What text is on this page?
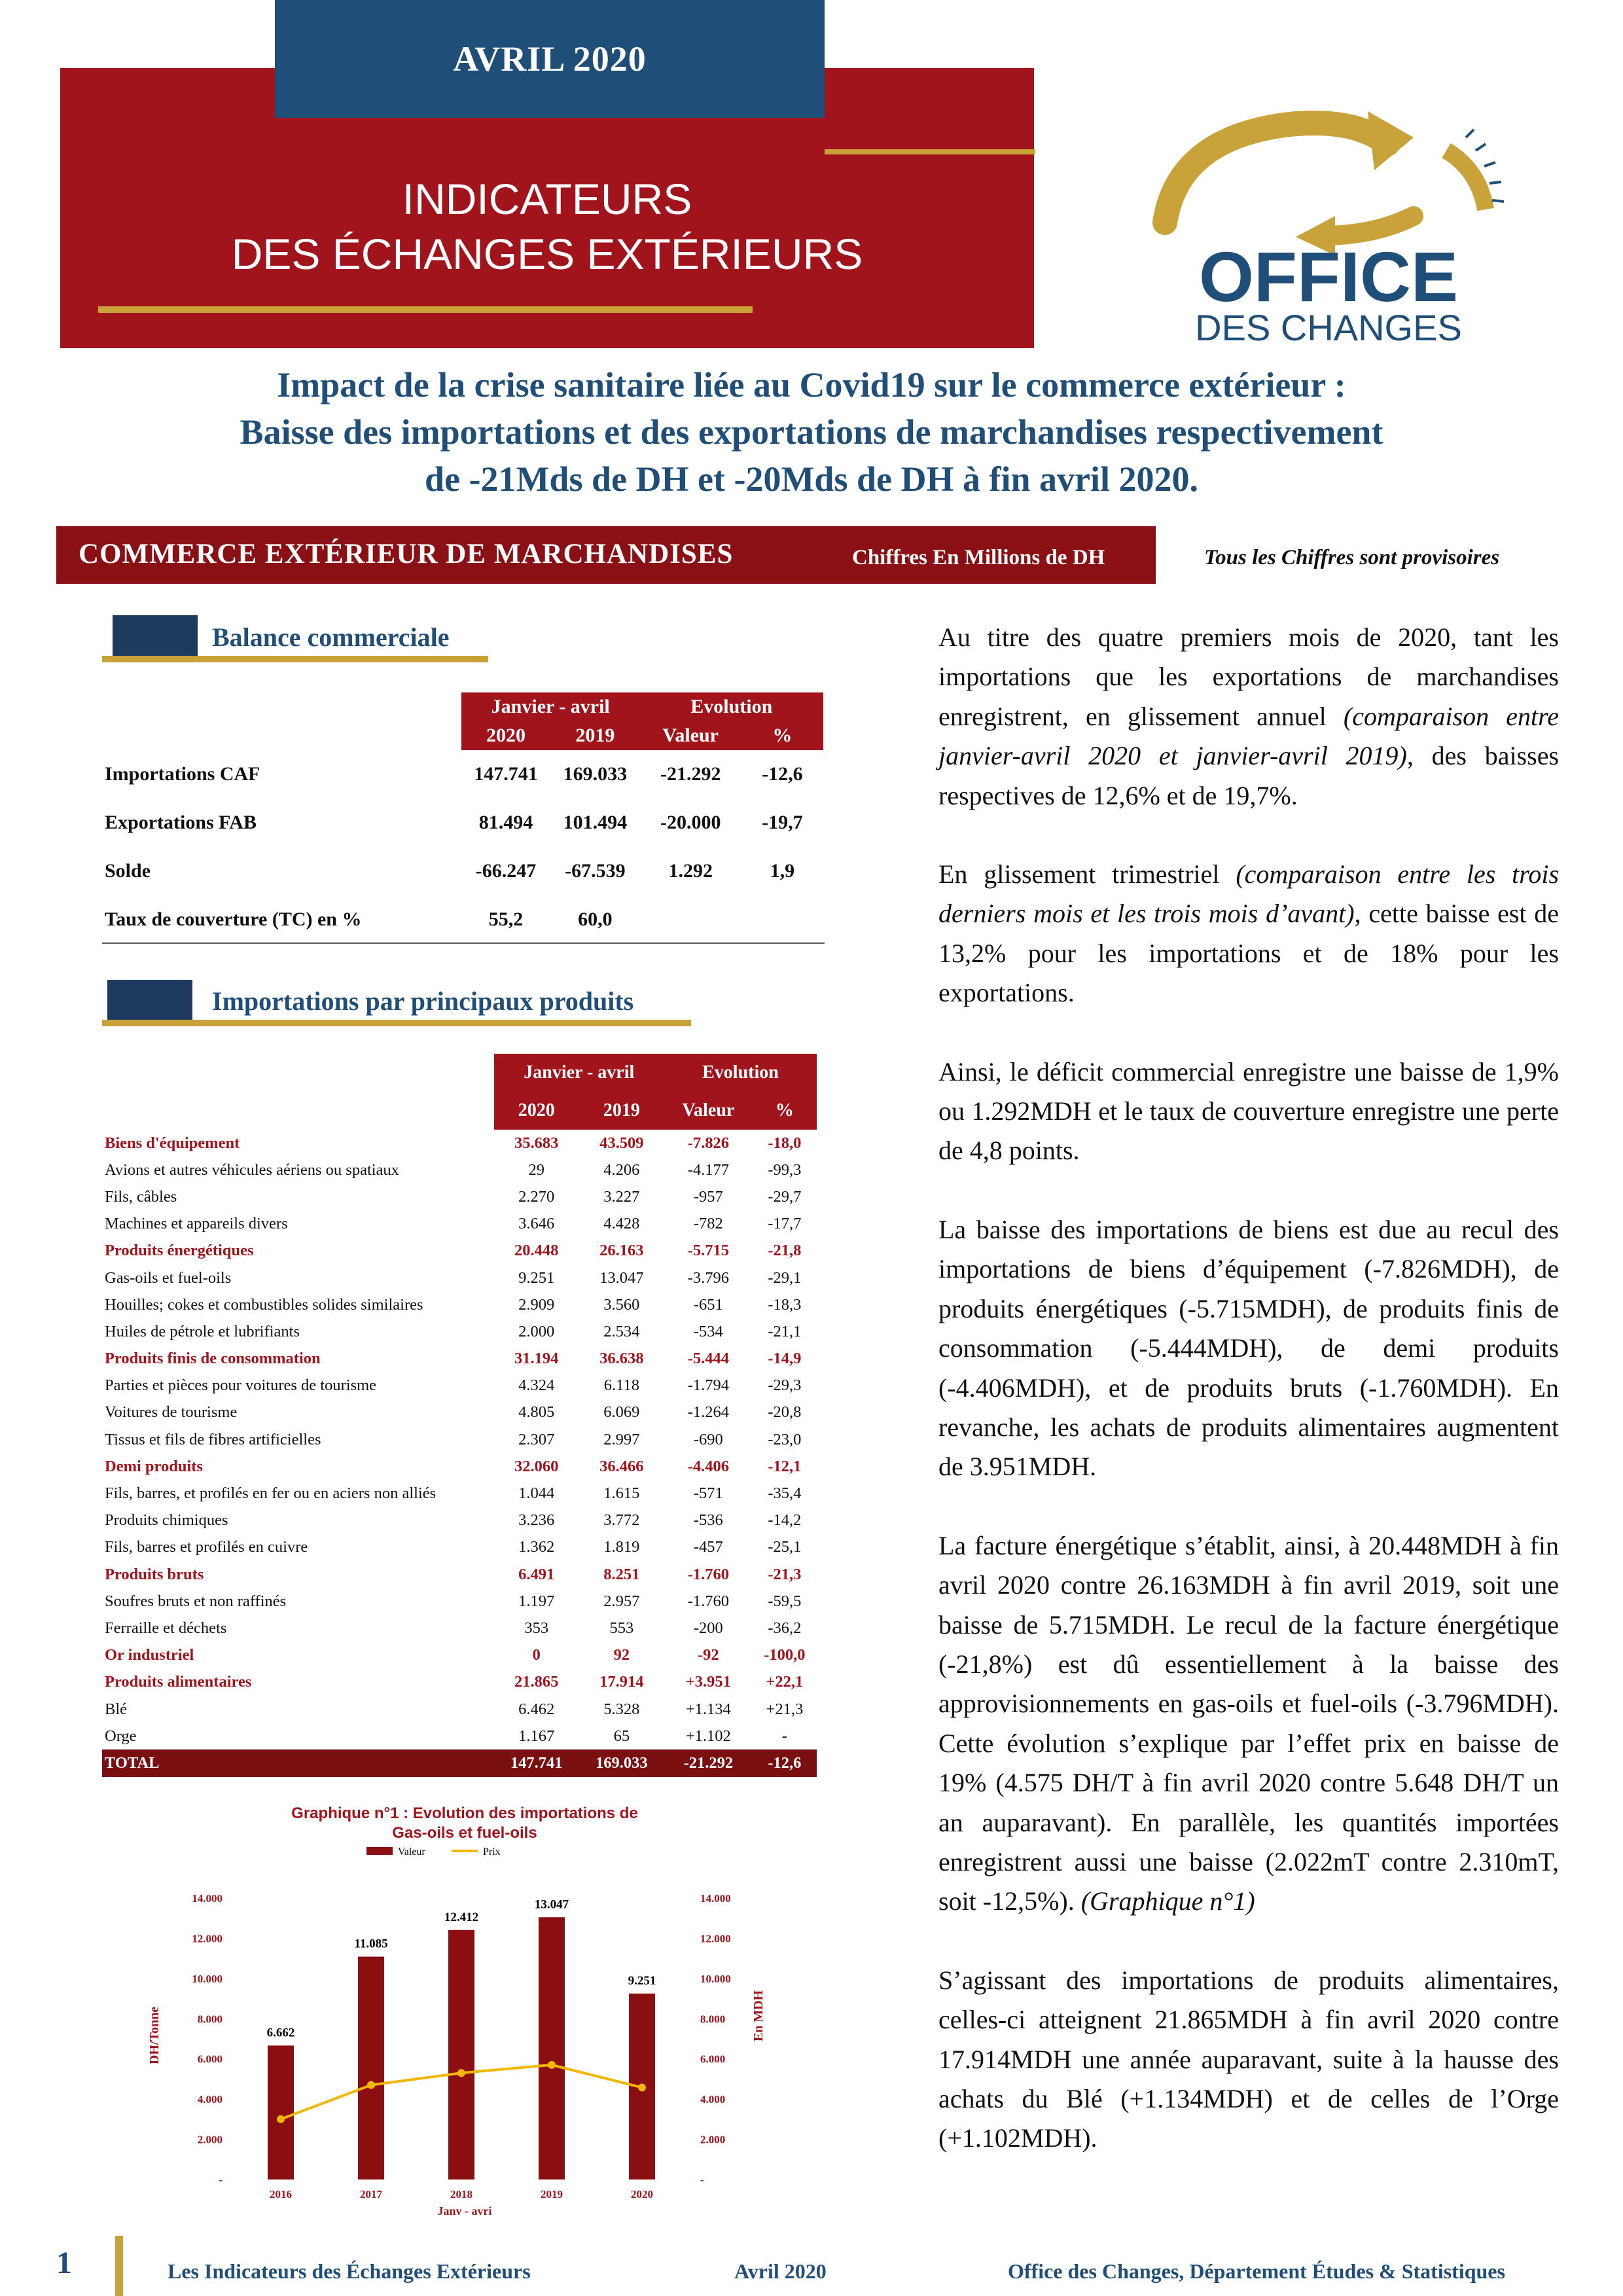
AVRIL 2020
INDICATEURS
DES ÉCHANGES EXTÉRIEURS	OFFICE
DES CHANGES
Impact de la crise sanitaire liée au Covid19 sur le commerce extérieur :
Baisse des importations et des exportations de marchandises respectivement
de -21Mds de DH et -20Mds de DH à fin avril 2020.
COMMERCE EXTÉRIEUR DE MARCHANDISES	Chiffres En Millions de DH	Tous les Chiffres sont provisoires
Balance commerciale
	Janvier - avril		Evolution	
	2020	2019	Valeur	%
Importations CAF	147.741	169.033	-21.292	-12,6
Exportations FAB	81.494	101.494	-20.000	-19,7
Solde	-66.247	-67.539	1.292	1,9
Taux de couverture (TC) en %	55,2	60,0		
Importations par principaux produits
	Janvier - avril		Evolution	
	2020	2019	Valeur	%
Biens d'équipement	35.683	43.509	-7.826	-18,0
Avions et autres véhicules aériens ou spatiaux	29	4.206	-4.177	-99,3
Fils, câbles	2.270	3.227	-957	-29,7
Machines et appareils divers	3.646	4.428	-782	-17,7
Produits énergétiques	20.448	26.163	-5.715	-21,8
Gas-oils et fuel-oils	9.251	13.047	-3.796	-29,1
Houilles; cokes et combustibles solides similaires	2.909	3.560	-651	-18,3
Huiles de pétrole et lubrifiants	2.000	2.534	-534	-21,1
Produits finis de consommation	31.194	36.638	-5.444	-14,9
Parties et pièces pour voitures de tourisme	4.324	6.118	-1.794	-29,3
Voitures de tourisme	4.805	6.069	-1.264	-20,8
Tissus et fils de fibres artificielles	2.307	2.997	-690	-23,0
Demi produits	32.060	36.466	-4.406	-12,1
Fils, barres, et profilés en fer ou en aciers non alliés	1.044	1.615	-571	-35,4
Produits chimiques	3.236	3.772	-536	-14,2
Fils, barres et profilés en cuivre	1.362	1.819	-457	-25,1
Produits bruts	6.491	8.251	-1.760	-21,3
Soufres bruts et non raffinés	1.197	2.957	-1.760	-59,5
Ferraille et déchets	353	553	-200	-36,2
Or industriel	0	92	-92	-100,0
Produits alimentaires	21.865	17.914	+3.951	+22,1
Blé	6.462	5.328	+1.134	+21,3
Orge	1.167	65	+1.102	-
TOTAL	147.741	169.033	-21.292	-12,6
Graphique n°1 : Evolution des importations de
Gas-oils et fuel-oils
Valeur	Prix
14.000	14.000
12.000	12.000
10.000	10.000
8.000	8.000
6.000	6.000
4.000	4.000
2.000	2.000
-	-
6.662
2016
11.085
2017
12.412
2018
13.047
2019
9.251
2020
DH/Tonne	En MDH
Janv - avri

Au titre des quatre premiers mois de 2020, tant les importations que les exportations de marchandises enregistrent, en glissement annuel (comparaison entre janvier-avril 2020 et janvier-avril 2019), des baisses respectives de 12,6% et de 19,7%.

En glissement trimestriel (comparaison entre les trois derniers mois et les trois mois d’avant), cette baisse est de 13,2% pour les importations et de 18% pour les exportations.

Ainsi, le déficit commercial enregistre une baisse de 1,9% ou 1.292MDH et le taux de couverture enregistre une perte de 4,8 points.

La baisse des importations de biens est due au recul des importations de biens d’équipement (-7.826MDH), de produits énergétiques (-5.715MDH), de produits finis de consommation (-5.444MDH), de demi produits (-4.406MDH), et de produits bruts (-1.760MDH). En revanche, les achats de produits alimentaires augmentent de 3.951MDH.

La facture énergétique s’établit, ainsi, à 20.448MDH à fin avril 2020 contre 26.163MDH à fin avril 2019, soit une baisse de 5.715MDH. Le recul de la facture énergétique (-21,8%) est dû essentiellement à la baisse des approvisionnements en gas-oils et fuel-oils (-3.796MDH). Cette évolution s’explique par l’effet prix en baisse de 19% (4.575 DH/T à fin avril 2020 contre 5.648 DH/T un an auparavant). En parallèle, les quantités importées enregistrent aussi une baisse (2.022mT contre 2.310mT, soit -12,5%). (Graphique n°1)

S’agissant des importations de produits alimentaires, celles-ci atteignent 21.865MDH à fin avril 2020 contre 17.914MDH une année auparavant, suite à la hausse des achats du Blé (+1.134MDH) et de celles de l’Orge (+1.102MDH).

1	Les Indicateurs des Échanges Extérieurs	Avril 2020	Office des Changes, Département Études & Statistiques
